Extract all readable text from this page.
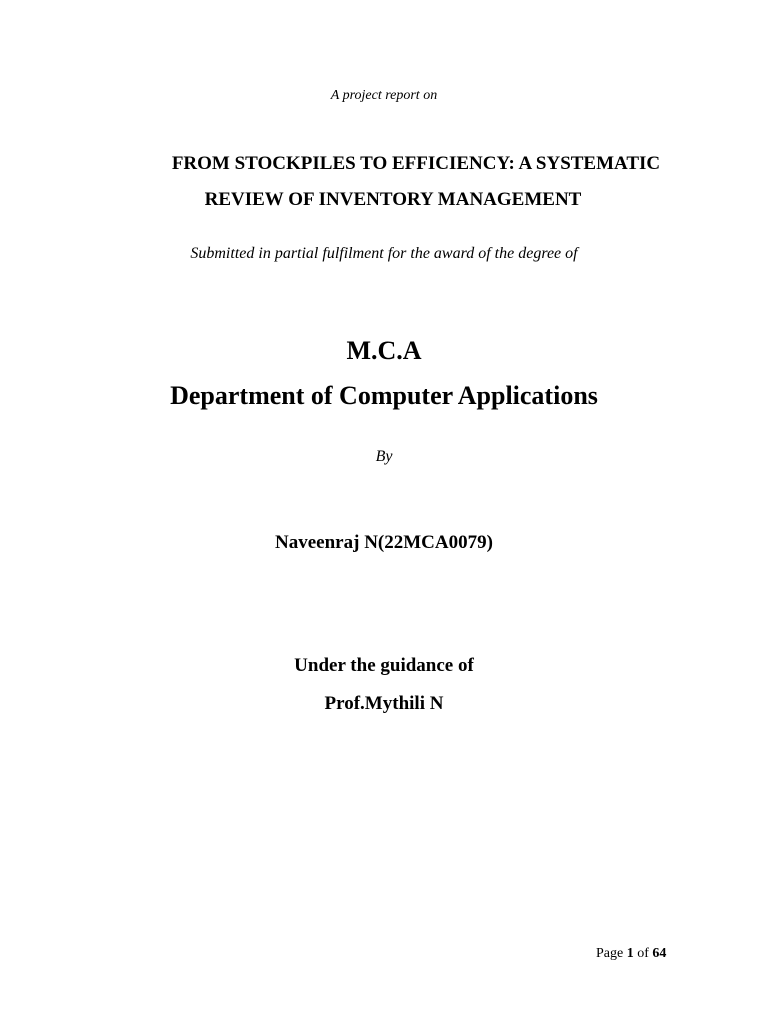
A project report on
FROM STOCKPILES TO EFFICIENCY: A SYSTEMATIC
REVIEW OF INVENTORY MANAGEMENT
Submitted in partial fulfilment for the award of the degree of
M.C.A
Department of Computer Applications
By
Naveenraj N(22MCA0079)
Under the guidance of
Prof.Mythili N
Page 1 of 64
